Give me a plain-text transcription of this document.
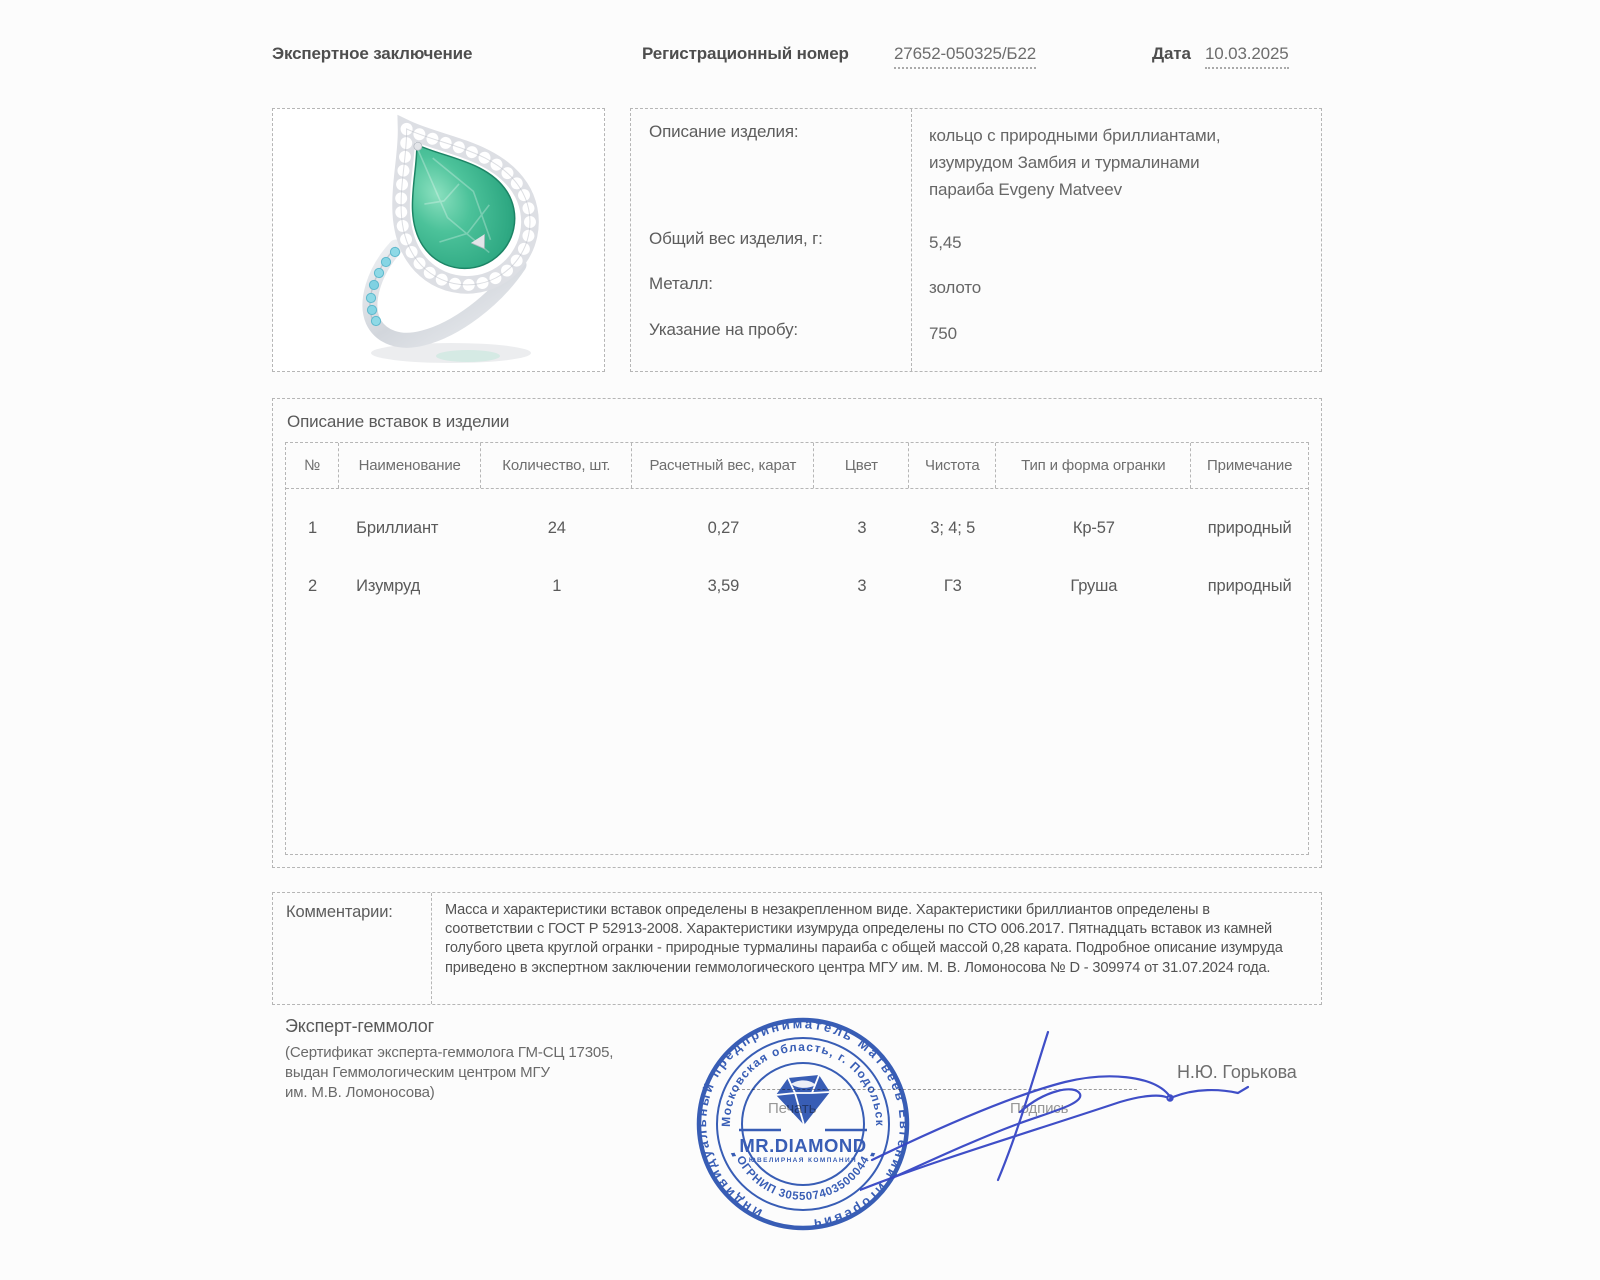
Экспертное заключение	Регистрационный номер	27652-050325/Б22	Дата 10.03.2025
Описание изделия:	кольцо с природными бриллиантами, изумрудом Замбия и турмалинами параиба Evgeny Matveev
Общий вес изделия, г:	5,45
Металл:	золото
Указание на пробу:	750
Описание вставок в изделии
№	Наименование	Количество, шт.	Расчетный вес, карат	Цвет	Чистота	Тип и форма огранки	Примечание
1	Бриллиант	24	0,27	3	3; 4; 5	Кр-57	природный
2	Изумруд	1	3,59	3	Г3	Груша	природный
Комментарии:	Масса и характеристики вставок определены в незакрепленном виде. Характеристики бриллиантов определены в соответствии с ГОСТ Р 52913-2008. Характеристики изумруда определены по СТО 006.2017. Пятнадцать вставок из камней голубого цвета круглой огранки - природные турмалины параиба с общей массой 0,28 карата. Подробное описание изумруда приведено в экспертном заключении геммологического центра МГУ им. М. В. Ломоносова № D - 309974 от 31.07.2024 года.
Эксперт-геммолог
(Сертификат эксперта-геммолога ГМ-СЦ 17305,
выдан Геммологическим центром МГУ
им. М.В. Ломоносова)
Индивидуальный предприниматель Матвеев Евгений Игоревич
Московская область, г. Подольск
ОГРНИП 305507403500044
♦	♦
MR.DIAMOND
ЮВЕЛИРНАЯ КОМПАНИЯ
Печать	Подпись
Н.Ю. Горькова
